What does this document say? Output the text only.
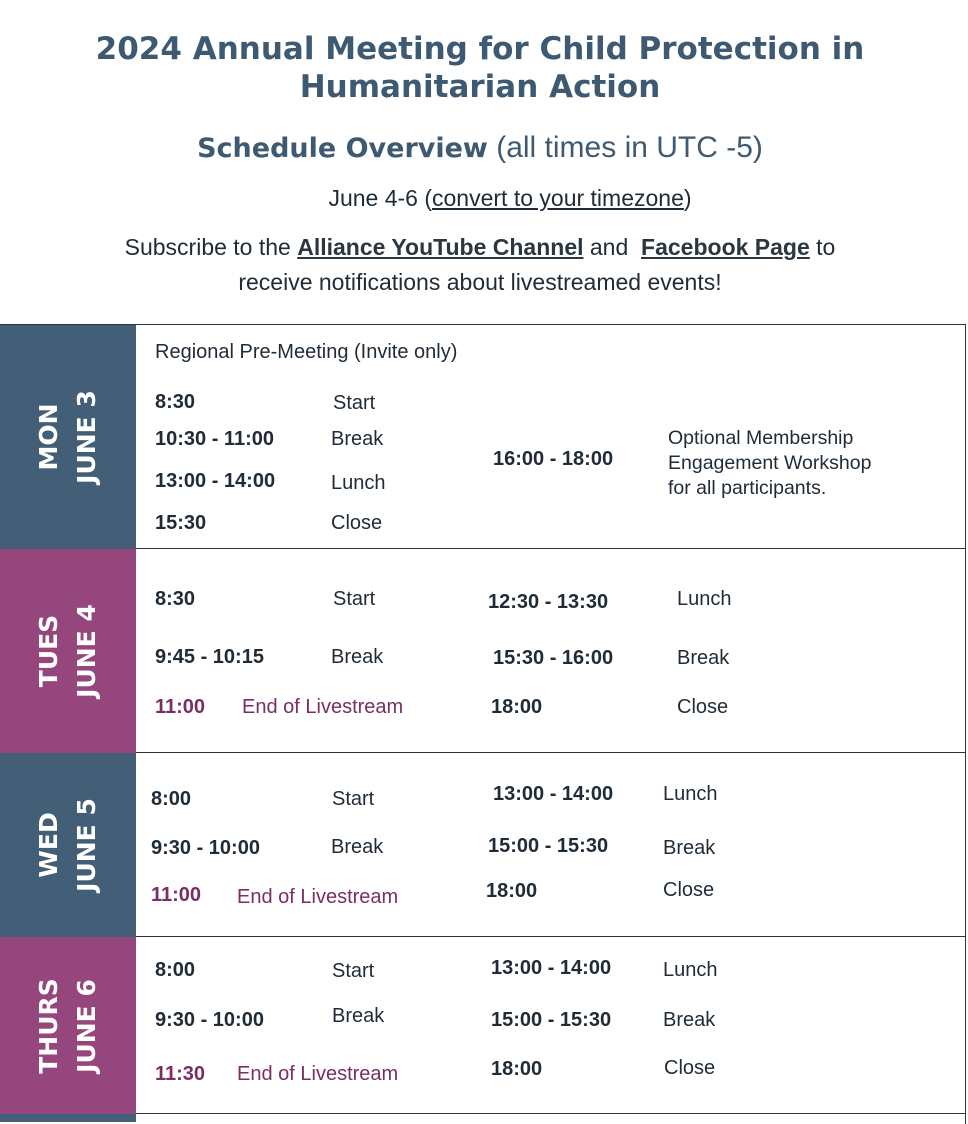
2024 Annual Meeting for Child Protection in
Humanitarian Action
Schedule Overview (all times in UTC -5)
June 4-6 (convert to your timezone)
Subscribe to the Alliance YouTube Channel and Facebook Page to
receive notifications about livestreamed events!
MON JUNE 3
Regional Pre-Meeting (Invite only)
8:30	Start
10:30 - 11:00	Break
13:00 - 14:00	Lunch
15:30	Close
16:00 - 18:00
Optional Membership
Engagement Workshop
for all participants.
TUES JUNE 4
8:30	Start
9:45 - 10:15	Break
11:00 End of Livestream
12:30 - 13:30	Lunch
15:30 - 16:00	Break
18:00	Close
WED JUNE 5	8:00	Start
9:30 - 10:00	Break
11:00 End of Livestream
13:00 - 14:00 Lunch
15:00 - 15:30	Break
18:00	Close
THURS JUNE 6
8:00	Start
9:30 - 10:00	Break
11:30 End of Livestream
13:00 - 14:00	Lunch
15:00 - 15:30	Break
18:00	Close
